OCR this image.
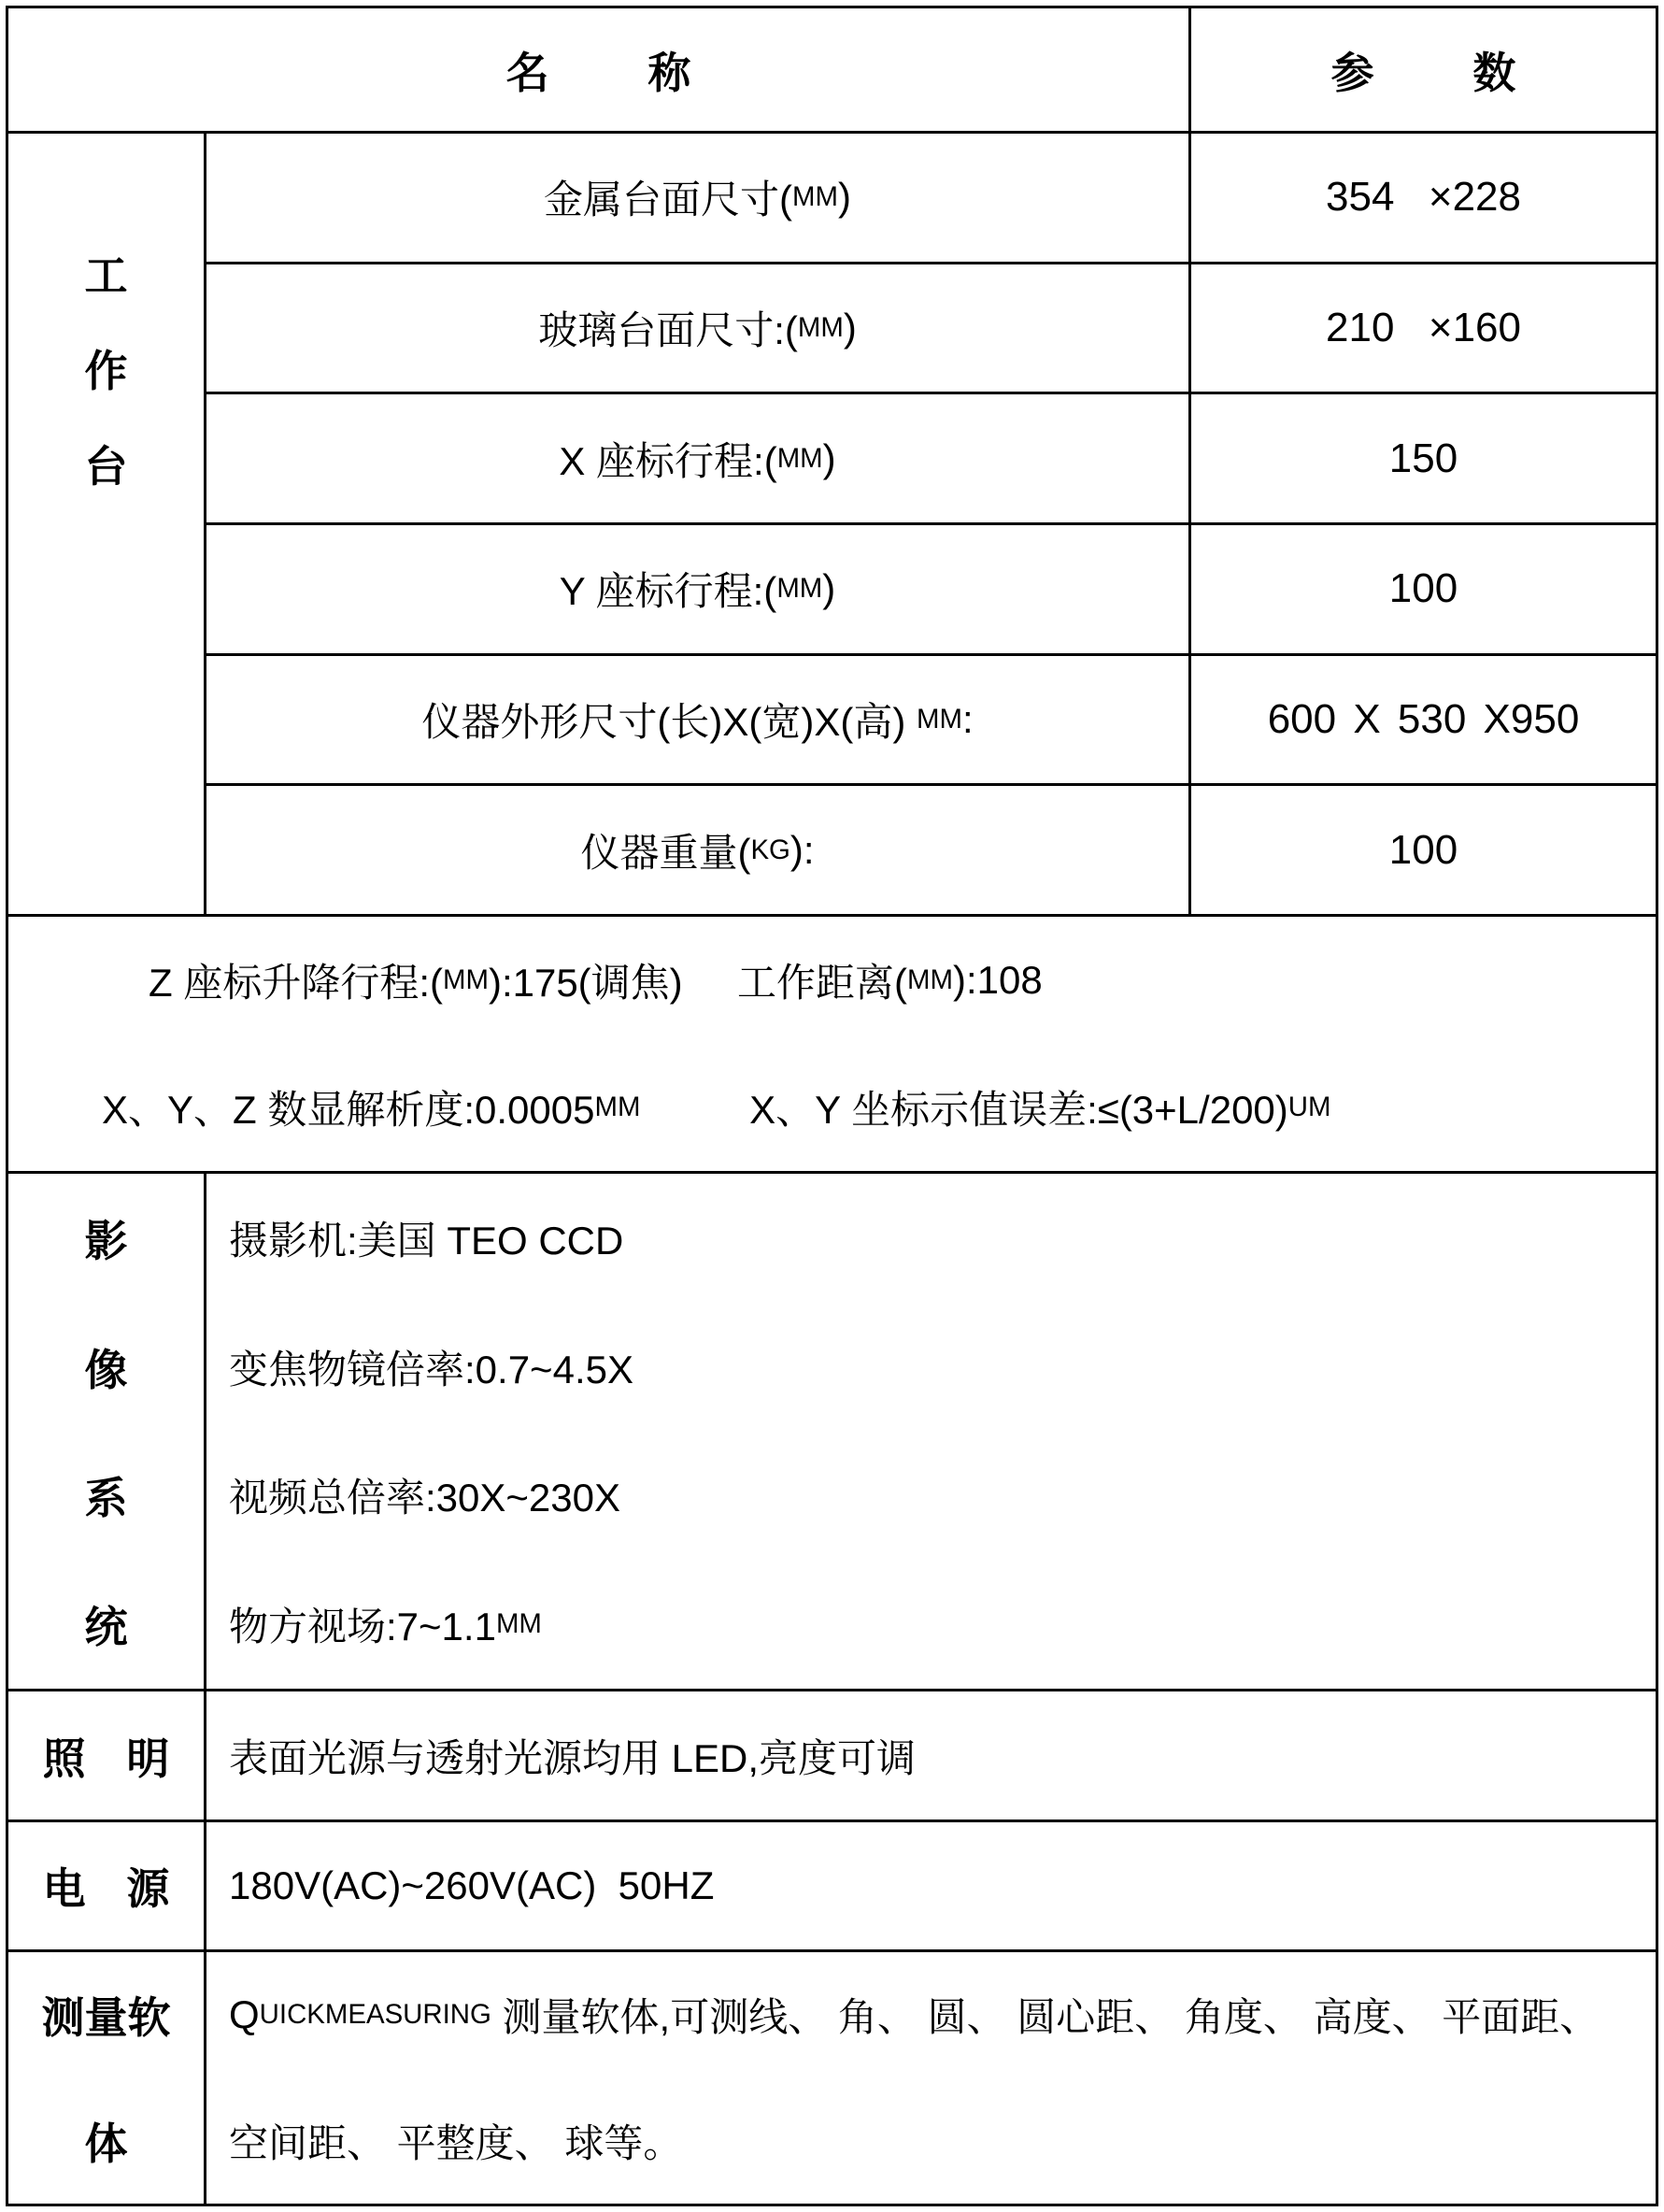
名称	参数
工
作
台
金属台面尺寸( MM )	354  ×228
玻璃台面尺寸:( MM )	210  ×160
X 座标行程:( MM )	150
Y 座标行程:( MM )	100
仪器外形尺寸(长)X(宽)X(高) MM :	600 X 530 X950
仪器重量( KG ):	100
Z 座标升降行程:( MM ):175(调焦)
工作距离( MM ):108
X、Y、Z 数显解析度:0.0005 MM
	X、Y 坐标示值误差:≤(3+L/200) UM
影
像
系
统
摄影机:美国 TEO CCD
变焦物镜倍率:0.7~4.5X
视频总倍率:30X~230X
物方视场:7~1.1 MM
照明 表面光源与透射光源均用 LED,亮度可调
电源 180V(AC)~260V(AC)  50HZ
测量软
体
Q UICKMEASURING 测量软体,可测线、 角、 圆、 圆心距、 角度、 高度、 平面距、
空间距、 平整度、 球等。
